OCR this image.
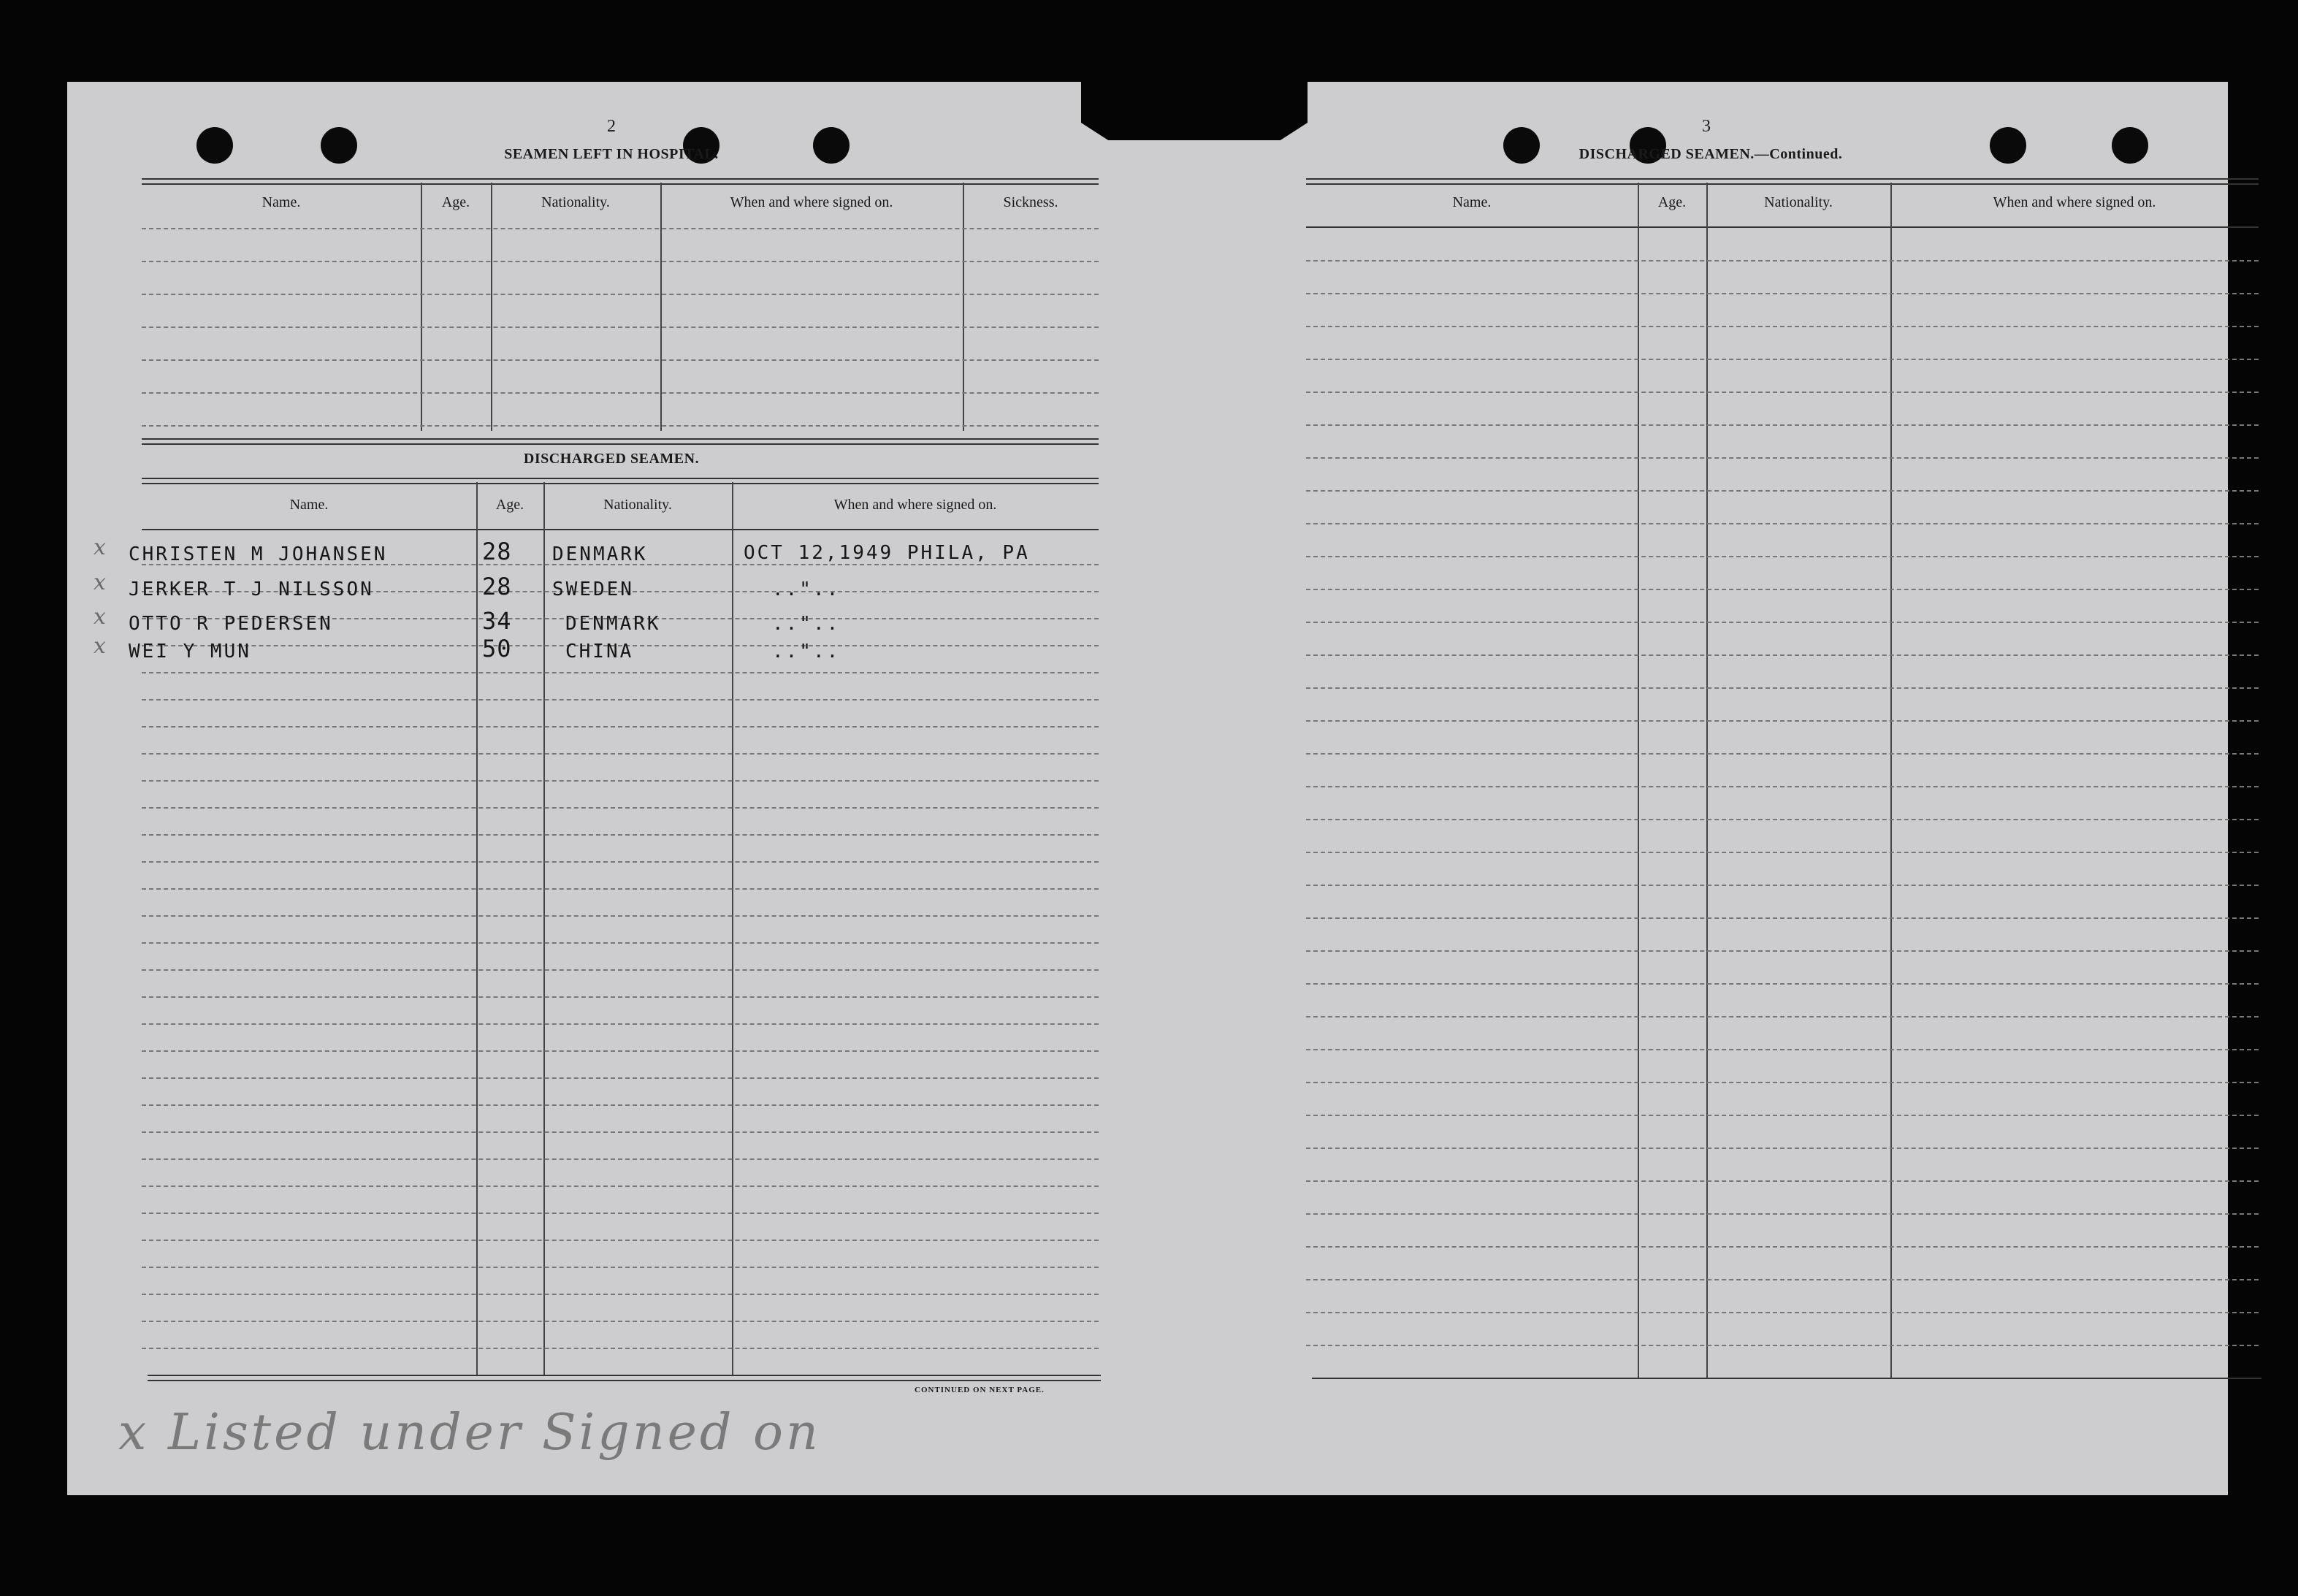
2
SEAMEN LEFT IN HOSPITAL.
Name.	Age.	Nationality.	When and where signed on.	Sickness.
DISCHARGED SEAMEN.
Name.	Age.	Nationality.	When and where signed on.
x CHRISTEN M JOHANSEN	28 DENMARK	OCT 12,1949 PHILA, PA
x JERKER T J NILSSON	28 SWEDEN	.."..
x OTTO R PEDERSEN	34	DENMARK	.."..
x WEI Y MUN	50	CHINA	.."..
CONTINUED ON NEXT PAGE.
x Listed under Signed on
3
DISCHARGED SEAMEN.—Continued.
Name.	Age.	Nationality.	When and where signed on.
